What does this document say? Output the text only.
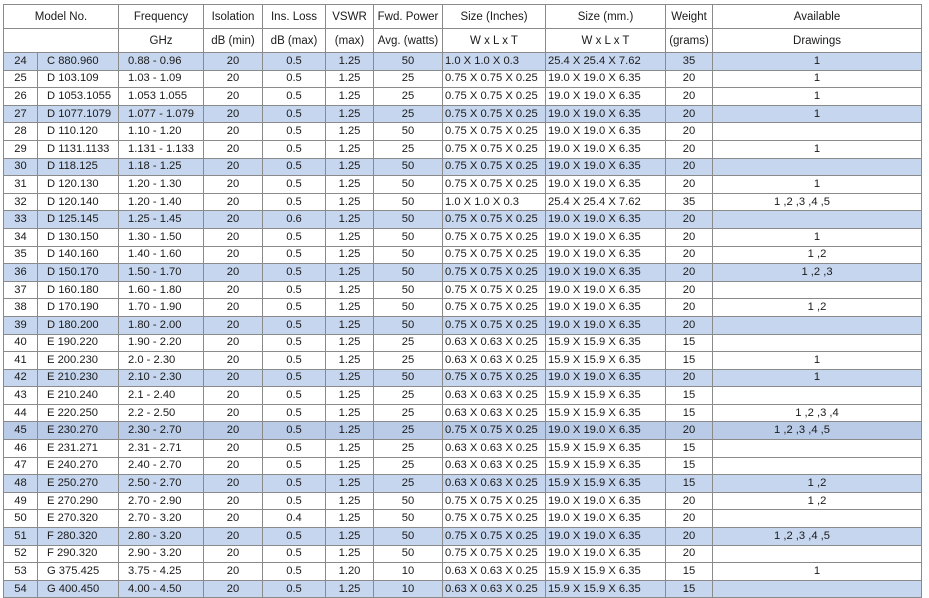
Model No.		Frequency	Isolation	Ins. Loss	VSWR	Fwd. Power	Size (Inches)	Size (mm.)	Weight	Available
		GHz	dB (min)	dB (max)	(max)	Avg. (watts)	W x L x T	W x L x T	(grams)	Drawings
24	C 880.960	0.88 - 0.96	20	0.5	1.25	50	1.0 X 1.0 X 0.3	25.4 X 25.4 X 7.62	35	1
25	D 103.109	1.03 - 1.09	20	0.5	1.25	25	0.75 X 0.75 X 0.25	19.0 X 19.0 X 6.35	20	1
26	D 1053.1055	1.053 1.055	20	0.5	1.25	25	0.75 X 0.75 X 0.25	19.0 X 19.0 X 6.35	20	1
27	D 1077.1079	1.077 - 1.079	20	0.5	1.25	25	0.75 X 0.75 X 0.25	19.0 X 19.0 X 6.35	20	1
28	D 110.120	1.10 - 1.20	20	0.5	1.25	50	0.75 X 0.75 X 0.25	19.0 X 19.0 X 6.35	20	
29	D 1131.1133	1.131 - 1.133	20	0.5	1.25	25	0.75 X 0.75 X 0.25	19.0 X 19.0 X 6.35	20	1
30	D 118.125	1.18 - 1.25	20	0.5	1.25	50	0.75 X 0.75 X 0.25	19.0 X 19.0 X 6.35	20	
31	D 120.130	1.20 - 1.30	20	0.5	1.25	50	0.75 X 0.75 X 0.25	19.0 X 19.0 X 6.35	20	1
32	D 120.140	1.20 - 1.40	20	0.5	1.25	50	1.0 X 1.0 X 0.3	25.4 X 25.4 X 7.62	35	1 ,2 ,3 ,4 ,5
33	D 125.145	1.25 - 1.45	20	0.6	1.25	50	0.75 X 0.75 X 0.25	19.0 X 19.0 X 6.35	20	
34	D 130.150	1.30 - 1.50	20	0.5	1.25	50	0.75 X 0.75 X 0.25	19.0 X 19.0 X 6.35	20	1
35	D 140.160	1.40 - 1.60	20	0.5	1.25	50	0.75 X 0.75 X 0.25	19.0 X 19.0 X 6.35	20	1 ,2
36	D 150.170	1.50 - 1.70	20	0.5	1.25	50	0.75 X 0.75 X 0.25	19.0 X 19.0 X 6.35	20	1 ,2 ,3
37	D 160.180	1.60 - 1.80	20	0.5	1.25	50	0.75 X 0.75 X 0.25	19.0 X 19.0 X 6.35	20	
38	D 170.190	1.70 - 1.90	20	0.5	1.25	50	0.75 X 0.75 X 0.25	19.0 X 19.0 X 6.35	20	1 ,2
39	D 180.200	1.80 - 2.00	20	0.5	1.25	50	0.75 X 0.75 X 0.25	19.0 X 19.0 X 6.35	20	
40	E 190.220	1.90 - 2.20	20	0.5	1.25	25	0.63 X 0.63 X 0.25	15.9 X 15.9 X 6.35	15	
41	E 200.230	2.0 - 2.30	20	0.5	1.25	25	0.63 X 0.63 X 0.25	15.9 X 15.9 X 6.35	15	1
42	E 210.230	2.10 - 2.30	20	0.5	1.25	50	0.75 X 0.75 X 0.25	19.0 X 19.0 X 6.35	20	1
43	E 210.240	2.1 - 2.40	20	0.5	1.25	25	0.63 X 0.63 X 0.25	15.9 X 15.9 X 6.35	15	
44	E 220.250	2.2 - 2.50	20	0.5	1.25	25	0.63 X 0.63 X 0.25	15.9 X 15.9 X 6.35	15	1 ,2 ,3 ,4
45	E 230.270	2.30 - 2.70	20	0.5	1.25	25	0.75 X 0.75 X 0.25	19.0 X 19.0 X 6.35	20	1 ,2 ,3 ,4 ,5
46	E 231.271	2.31 - 2.71	20	0.5	1.25	25	0.63 X 0.63 X 0.25	15.9 X 15.9 X 6.35	15	
47	E 240.270	2.40 - 2.70	20	0.5	1.25	25	0.63 X 0.63 X 0.25	15.9 X 15.9 X 6.35	15	
48	E 250.270	2.50 - 2.70	20	0.5	1.25	25	0.63 X 0.63 X 0.25	15.9 X 15.9 X 6.35	15	1 ,2
49	E 270.290	2.70 - 2.90	20	0.5	1.25	50	0.75 X 0.75 X 0.25	19.0 X 19.0 X 6.35	20	1 ,2
50	E 270.320	2.70 - 3.20	20	0.4	1.25	50	0.75 X 0.75 X 0.25	19.0 X 19.0 X 6.35	20	
51	F 280.320	2.80 - 3.20	20	0.5	1.25	50	0.75 X 0.75 X 0.25	19.0 X 19.0 X 6.35	20	1 ,2 ,3 ,4 ,5
52	F 290.320	2.90 - 3.20	20	0.5	1.25	50	0.75 X 0.75 X 0.25	19.0 X 19.0 X 6.35	20	
53	G 375.425	3.75 - 4.25	20	0.5	1.20	10	0.63 X 0.63 X 0.25	15.9 X 15.9 X 6.35	15	1
54	G 400.450	4.00 - 4.50	20	0.5	1.25	10	0.63 X 0.63 X 0.25	15.9 X 15.9 X 6.35	15	
